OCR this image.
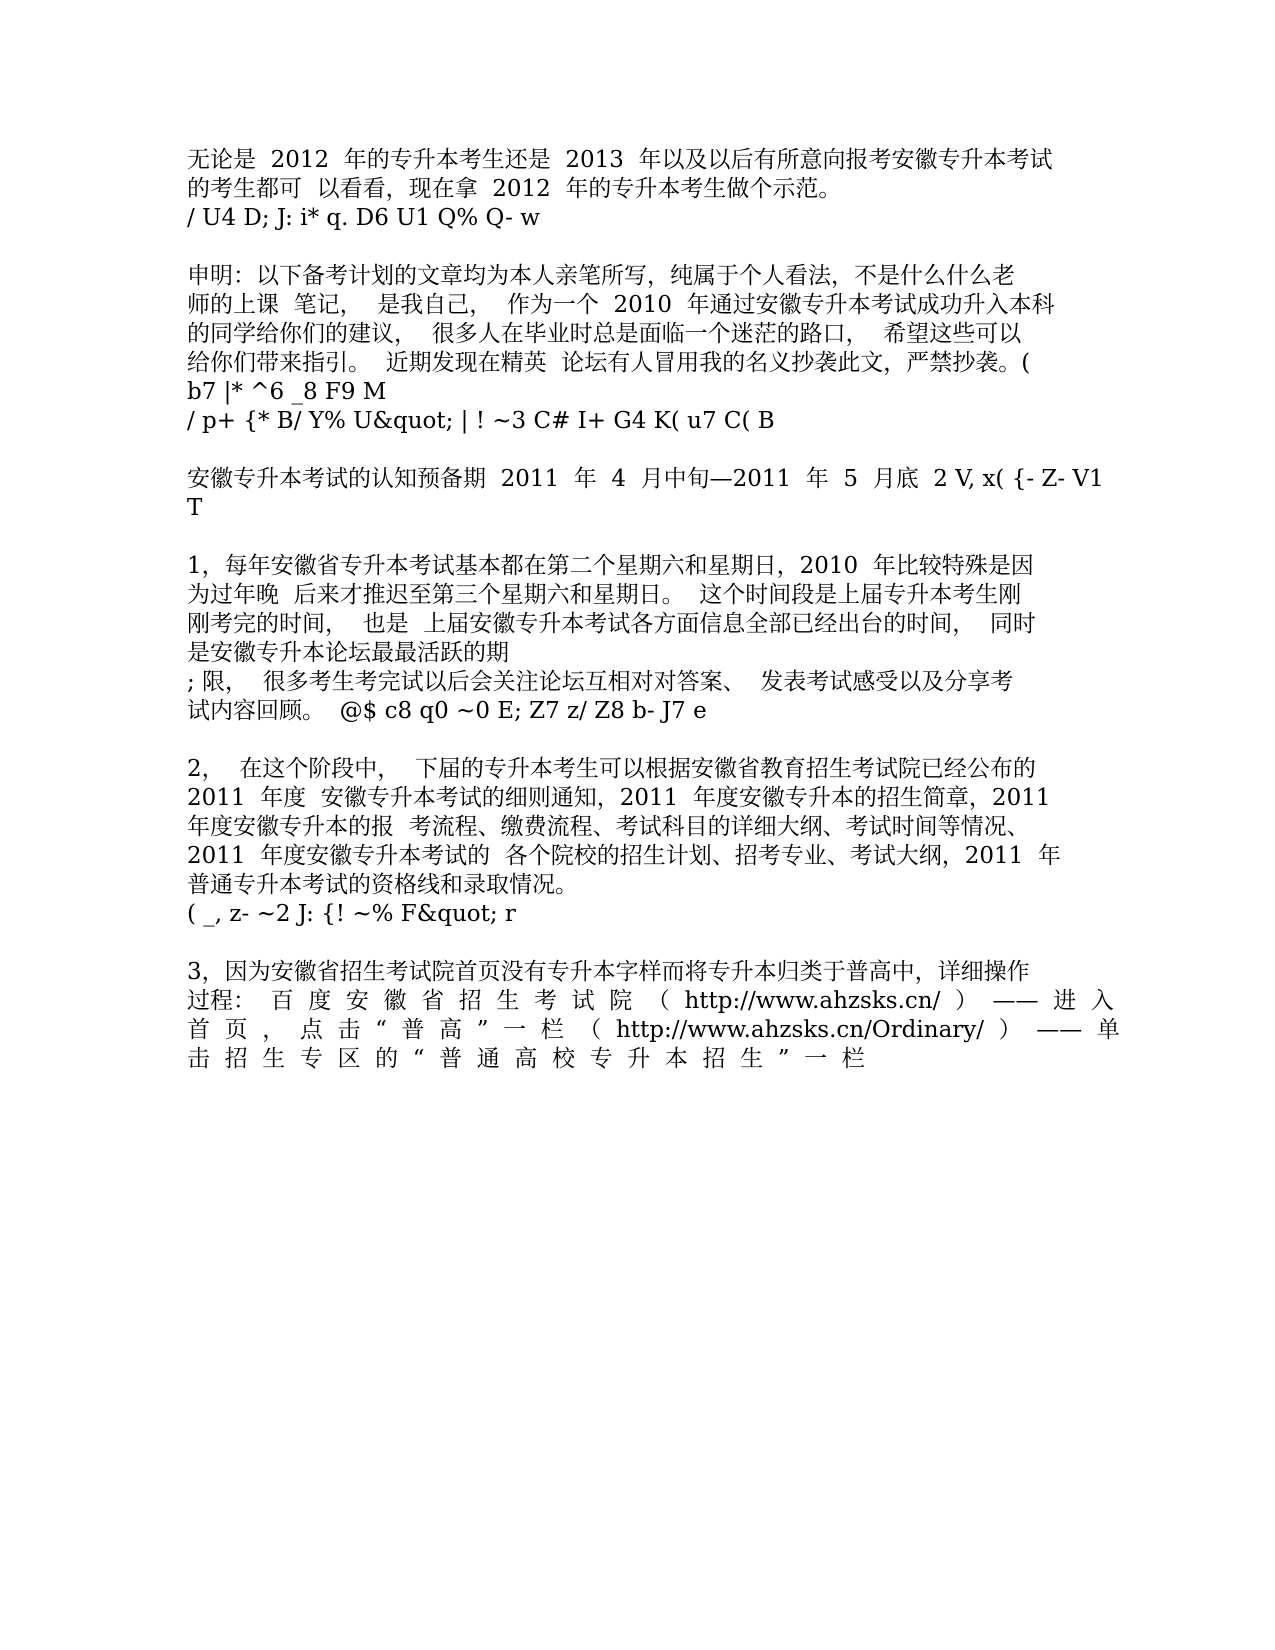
无论是  2012  年的专升本考生还是  2013  年以及以后有所意向报考安徽专升本考试
的考生都可  以看看，现在拿  2012  年的专升本考生做个示范。
/ U4 D; J: i* q. D6 U1 Q% Q- w
申明：以下备考计划的文章均为本人亲笔所写，纯属于个人看法，不是什么什么老
师的上课  笔记，  是我自己，  作为一个  2010  年通过安徽专升本考试成功升入本科
的同学给你们的建议，  很多人在毕业时总是面临一个迷茫的路口，  希望这些可以
给你们带来指引。  近期发现在精英  论坛有人冒用我的名义抄袭此文，严禁抄袭。(
b7 |* ^6 _8 F9 M
/ p+ {* B/ Y% U&quot; | ! ~3 C# I+ G4 K( u7 C( B
安徽专升本考试的认知预备期  2011  年  4  月中旬—2011  年  5  月底  2 V, x( {- Z- V1
T
1，每年安徽省专升本考试基本都在第二个星期六和星期日，2010  年比较特殊是因
为过年晚  后来才推迟至第三个星期六和星期日。  这个时间段是上届专升本考生刚
刚考完的时间，  也是  上届安徽专升本考试各方面信息全部已经出台的时间，  同时
是安徽专升本论坛最最活跃的期
; 限，  很多考生考完试以后会关注论坛互相对对答案、  发表考试感受以及分享考
试内容回顾。  @$ c8 q0 ~0 E; Z7 z/ Z8 b- J7 e
2，  在这个阶段中，  下届的专升本考生可以根据安徽省教育招生考试院已经公布的
2011  年度  安徽专升本考试的细则通知，2011  年度安徽专升本的招生简章，2011
年度安徽专升本的报  考流程、缴费流程、考试科目的详细大纲、考试时间等情况、
2011  年度安徽专升本考试的  各个院校的招生计划、招考专业、考试大纲，2011  年
普通专升本考试的资格线和录取情况。
( _, z- ~2 J: {! ~% F&quot; r
3，因为安徽省招生考试院首页没有专升本字样而将专升本归类于普高中，详细操作
过程：  百  度  安  徽  省  招  生  考  试  院  （  http://www.ahzsks.cn/  ）  ——  进  入
首  页  ，  点  击  “  普  高  ”  一  栏  （  http://www.ahzsks.cn/Ordinary/  ）  ——  单
击  招  生  专  区  的  “  普  通  高  校  专  升  本  招  生  ”  一  栏
